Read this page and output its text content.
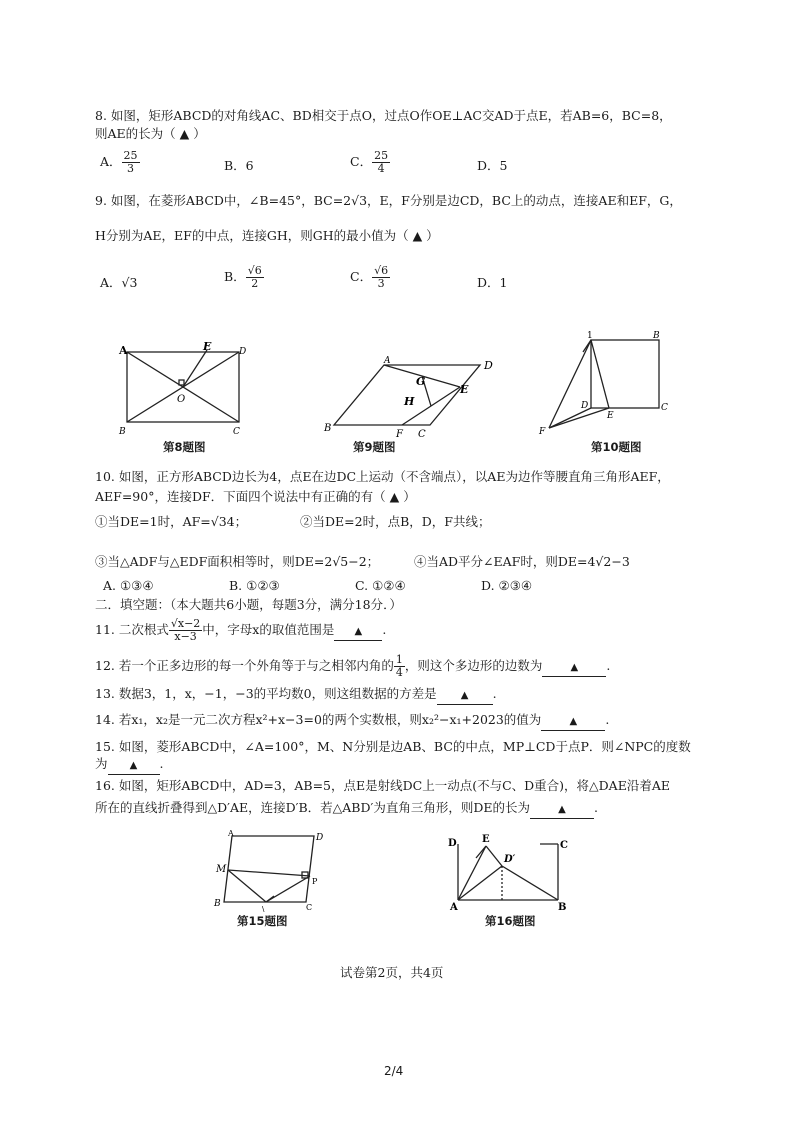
8. 如图，矩形ABCD的对角线AC、BD相交于点O，过点O作OE⊥AC交AD于点E，若AB=6，BC=8，
则AE的长为（ ▲ ）
A． $\frac{25}{3}$	B．6	C． $\frac{25}{4}$	D．5
9. 如图，在菱形ABCD中，∠B=45°，BC=2√3，E，F分别是边CD，BC上的动点，连接AE和EF，G，
H分别为AE，EF的中点，连接GH，则GH的最小值为（ ▲ ）
A．√3	B． $\frac{√6}{2}$	C． $\frac{√6}{3}$	D．1
A	E	D
O
B	C
第8题图
A	D
G
E
H
B
F C
第9题图
1	B
D
E
C
F
第10题图
10. 如图，正方形ABCD边长为4，点E在边DC上运动（不含端点），以AE为边作等腰直角三角形AEF，
AEF=90°，连接DF．下面四个说法中有正确的有（ ▲ ）
①当DE=1时，AF=√34；	②当DE=2时，点B，D，F共线；
③当△ADF与△EDF面积相等时，则DE=2√5−2；	④当AD平分∠EAF时，则DE=4√2−3
A. ①③④	B. ①②③	C. ①②④	D. ②③④
二．填空题：（本大题共6小题，每题3分，满分18分．）
11. 二次根式 $\frac{√x-2}{x-3}$ 中，字母x的取值范围是 ▲ .
12. 若一个正多边形的每一个外角等于与之相邻内角的 $\frac{1}{4}$ ，则这个多边形的边数为	▲ .
13. 数据3，1，x，−1，−3的平均数0，则这组数据的方差是 ▲ .
14. 若x₁，x₂是一元二次方程x²+x−3=0的两个实数根，则x₂²−x₁+2023的值为	▲ .
15. 如图，菱形ABCD中，∠A=100°，M、N分别是边AB、BC的中点，MP⊥CD于点P．则∠NPC的度数
为 ▲ .
16. 如图，矩形ABCD中，AD=3，AB=5，点E是射线DC上一动点(不与C、D重合)，将△DAE沿着AE
所在的直线折叠得到△D′AE，连接D′B．若△ABD′为直角三角形，则DE的长为	▲ .
A	D
M
P
B
\	C
第15题图
D	E
D′
C
A	B
第16题图
试卷第2页，共4页
2/4
